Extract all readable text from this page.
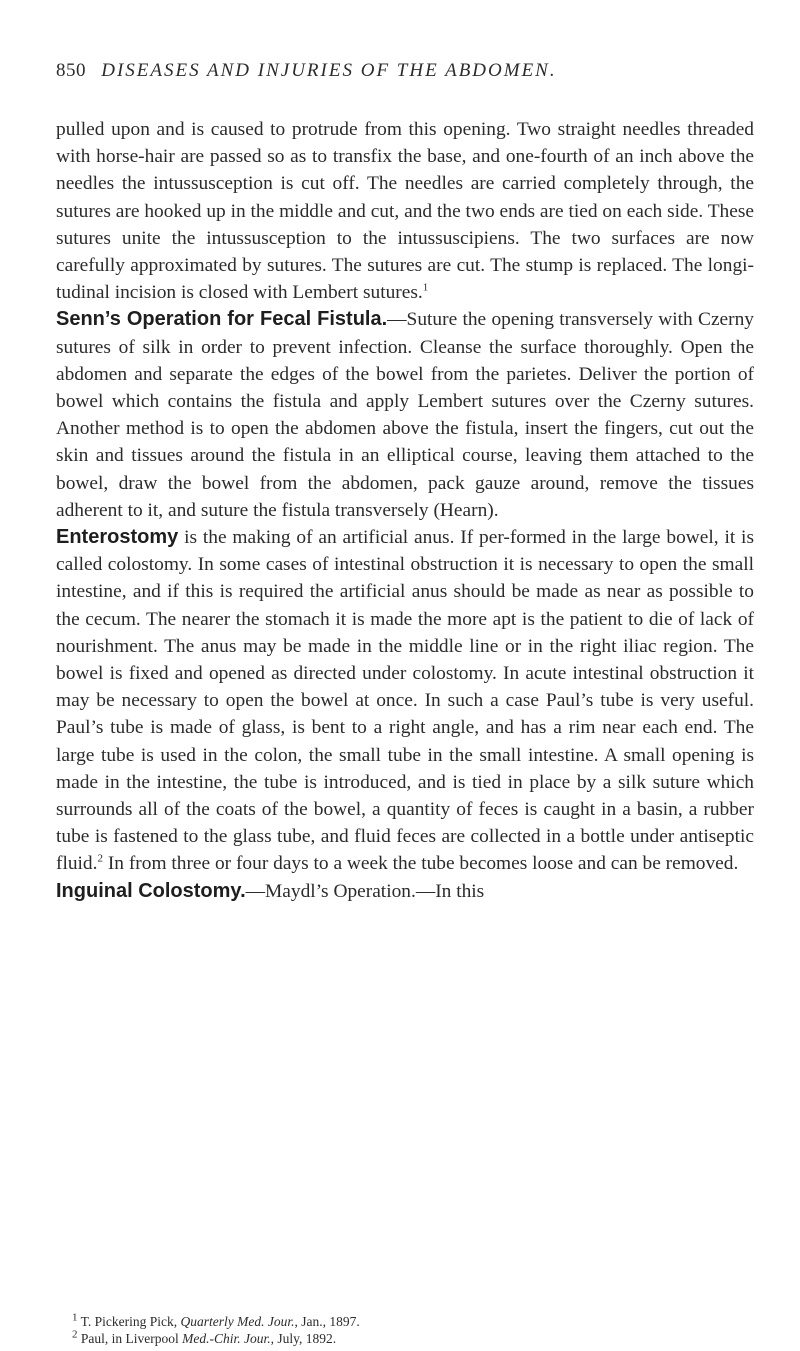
850 DISEASES AND INJURIES OF THE ABDOMEN.

pulled upon and is caused to protrude from this opening. Two straight needles threaded with horse-hair are passed so as to transfix the base, and one-fourth of an inch above the needles the intussusception is cut off. The needles are carried completely through, the sutures are hooked up in the middle and cut, and the two ends are tied on each side. These sutures unite the intussusception to the intussuscipiens. The two surfaces are now carefully approximated by sutures. The sutures are cut. The stump is replaced. The longi-tudinal incision is closed with Lembert sutures.$^1$

Senn’s Operation for Fecal Fistula.—Suture the opening transversely with Czerny sutures of silk in order to prevent infection. Cleanse the surface thoroughly. Open the abdomen and separate the edges of the bowel from the parietes. Deliver the portion of bowel which contains the fistula and apply Lembert sutures over the Czerny sutures. Another method is to open the abdomen above the fistula, insert the fingers, cut out the skin and tissues around the fistula in an elliptical course, leaving them attached to the bowel, draw the bowel from the abdomen, pack gauze around, remove the tissues adherent to it, and suture the fistula transversely (Hearn).

Enterostomy is the making of an artificial anus. If per-formed in the large bowel, it is called colostomy. In some cases of intestinal obstruction it is necessary to open the small intestine, and if this is required the artificial anus should be made as near as possible to the cecum. The nearer the stomach it is made the more apt is the patient to die of lack of nourishment. The anus may be made in the middle line or in the right iliac region. The bowel is fixed and opened as directed under colostomy. In acute intestinal obstruction it may be necessary to open the bowel at once. In such a case Paul’s tube is very useful. Paul’s tube is made of glass, is bent to a right angle, and has a rim near each end. The large tube is used in the colon, the small tube in the small intestine. A small opening is made in the intestine, the tube is introduced, and is tied in place by a silk suture which surrounds all of the coats of the bowel, a quantity of feces is caught in a basin, a rubber tube is fastened to the glass tube, and fluid feces are collected in a bottle under antiseptic fluid.$^2$ In from three or four days to a week the tube becomes loose and can be removed.

Inguinal Colostomy.—Maydl’s Operation.—In this

$^1$ T. Pickering Pick, Quarterly Med. Jour., Jan., 1897.
$^2$ Paul, in Liverpool Med.-Chir. Jour., July, 1892.
